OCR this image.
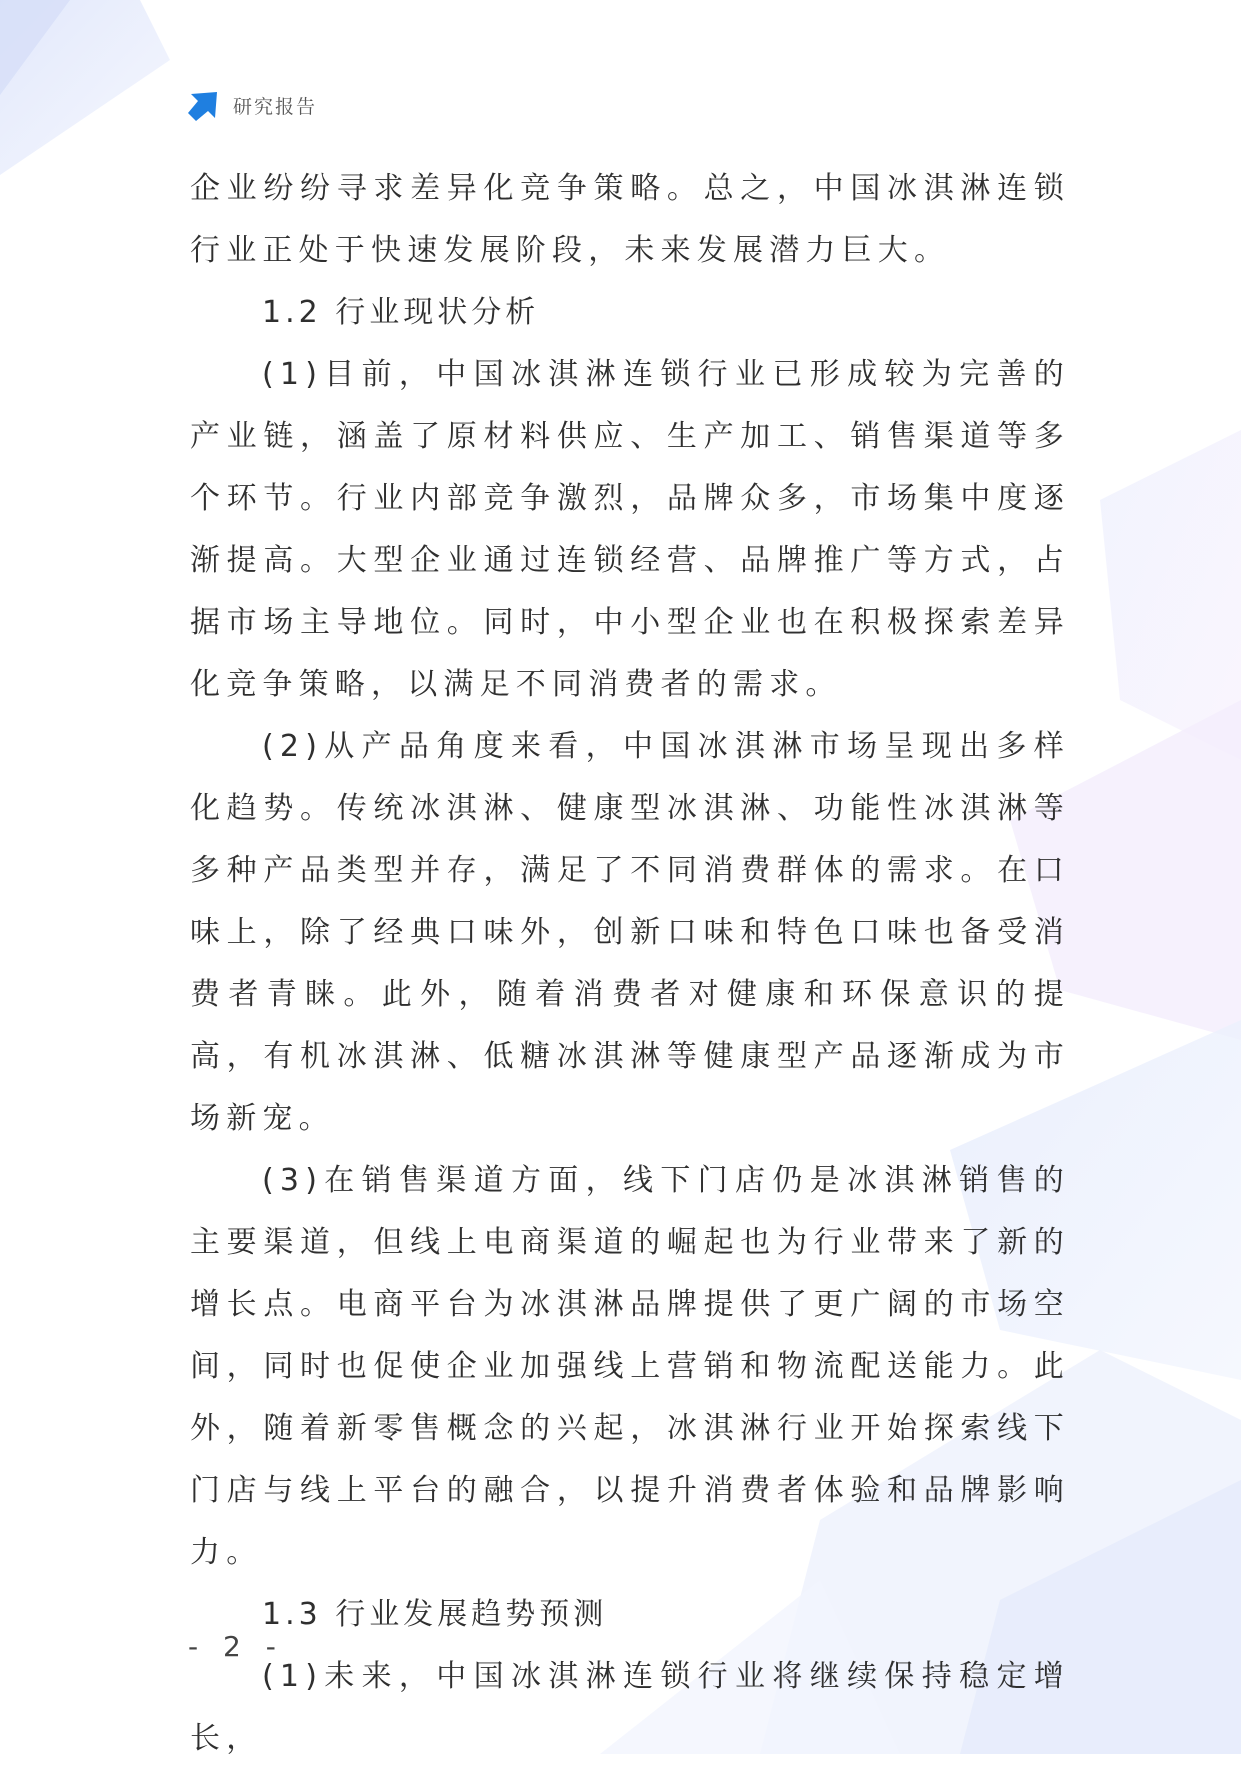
研究报告

企业纷纷寻求差异化竞争策略。总之，中国冰淇淋连锁行业正处于快速发展阶段，未来发展潜力巨大。

1.2 行业现状分析

(1)目前，中国冰淇淋连锁行业已形成较为完善的产业链，涵盖了原材料供应、生产加工、销售渠道等多个环节。行业内部竞争激烈，品牌众多，市场集中度逐渐提高。大型企业通过连锁经营、品牌推广等方式，占据市场主导地位。同时，中小型企业也在积极探索差异化竞争策略，以满足不同消费者的需求。

(2)从产品角度来看，中国冰淇淋市场呈现出多样化趋势。传统冰淇淋、健康型冰淇淋、功能性冰淇淋等多种产品类型并存，满足了不同消费群体的需求。在口味上，除了经典口味外，创新口味和特色口味也备受消费者青睐。此外，随着消费者对健康和环保意识的提高，有机冰淇淋、低糖冰淇淋等健康型产品逐渐成为市场新宠。

(3)在销售渠道方面，线下门店仍是冰淇淋销售的主要渠道，但线上电商渠道的崛起也为行业带来了新的增长点。电商平台为冰淇淋品牌提供了更广阔的市场空间，同时也促使企业加强线上营销和物流配送能力。此外，随着新零售概念的兴起，冰淇淋行业开始探索线下门店与线上平台的融合，以提升消费者体验和品牌影响力。

1.3 行业发展趋势预测

(1)未来，中国冰淇淋连锁行业将继续保持稳定增长，

- 2 -
